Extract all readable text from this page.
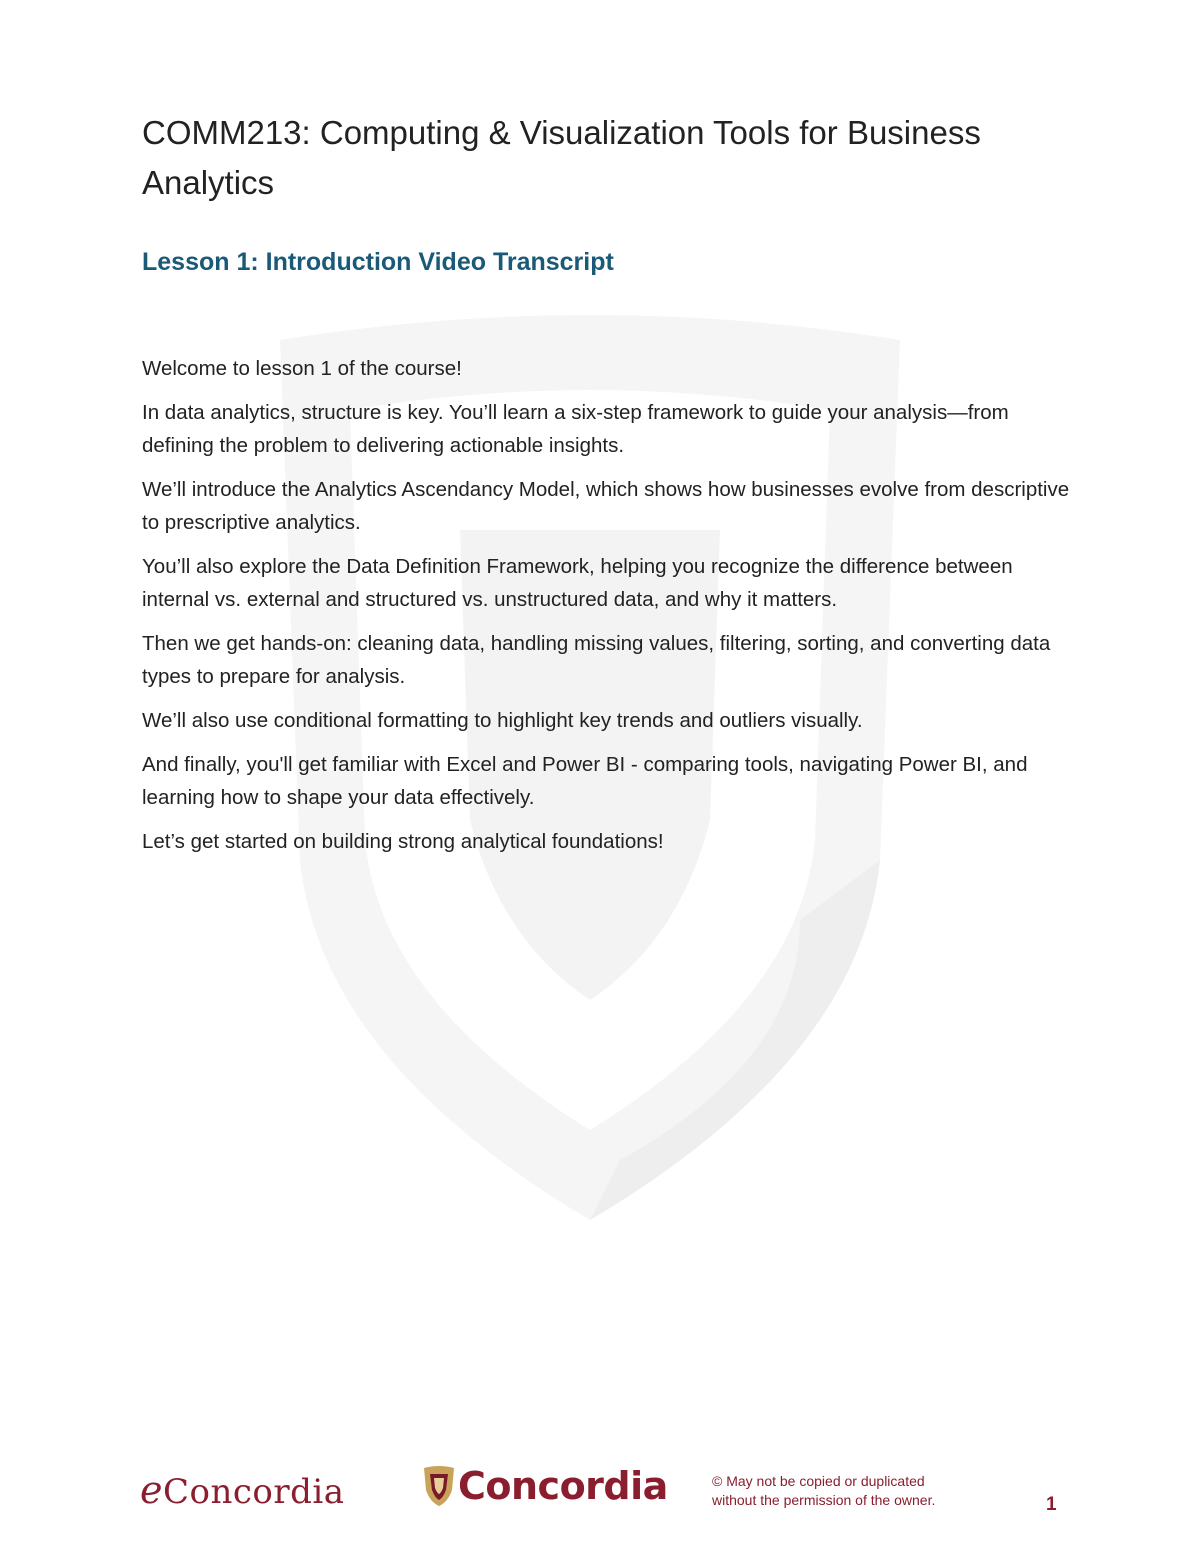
COMM213: Computing & Visualization Tools for Business Analytics
Lesson 1: Introduction Video Transcript

Welcome to lesson 1 of the course!

In data analytics, structure is key. You’ll learn a six-step framework to guide your analysis—from defining the problem to delivering actionable insights.

We’ll introduce the Analytics Ascendancy Model, which shows how businesses evolve from descriptive to prescriptive analytics.

You’ll also explore the Data Definition Framework, helping you recognize the difference between internal vs. external and structured vs. unstructured data, and why it matters.

Then we get hands-on: cleaning data, handling missing values, filtering, sorting, and converting data types to prepare for analysis.

We’ll also use conditional formatting to highlight key trends and outliers visually.

And finally, you'll get familiar with Excel and Power BI - comparing tools, navigating Power BI, and learning how to shape your data effectively.

Let’s get started on building strong analytical foundations!

eConcordia	Concordia	© May not be copied or duplicated
without the permission of the owner.	1
